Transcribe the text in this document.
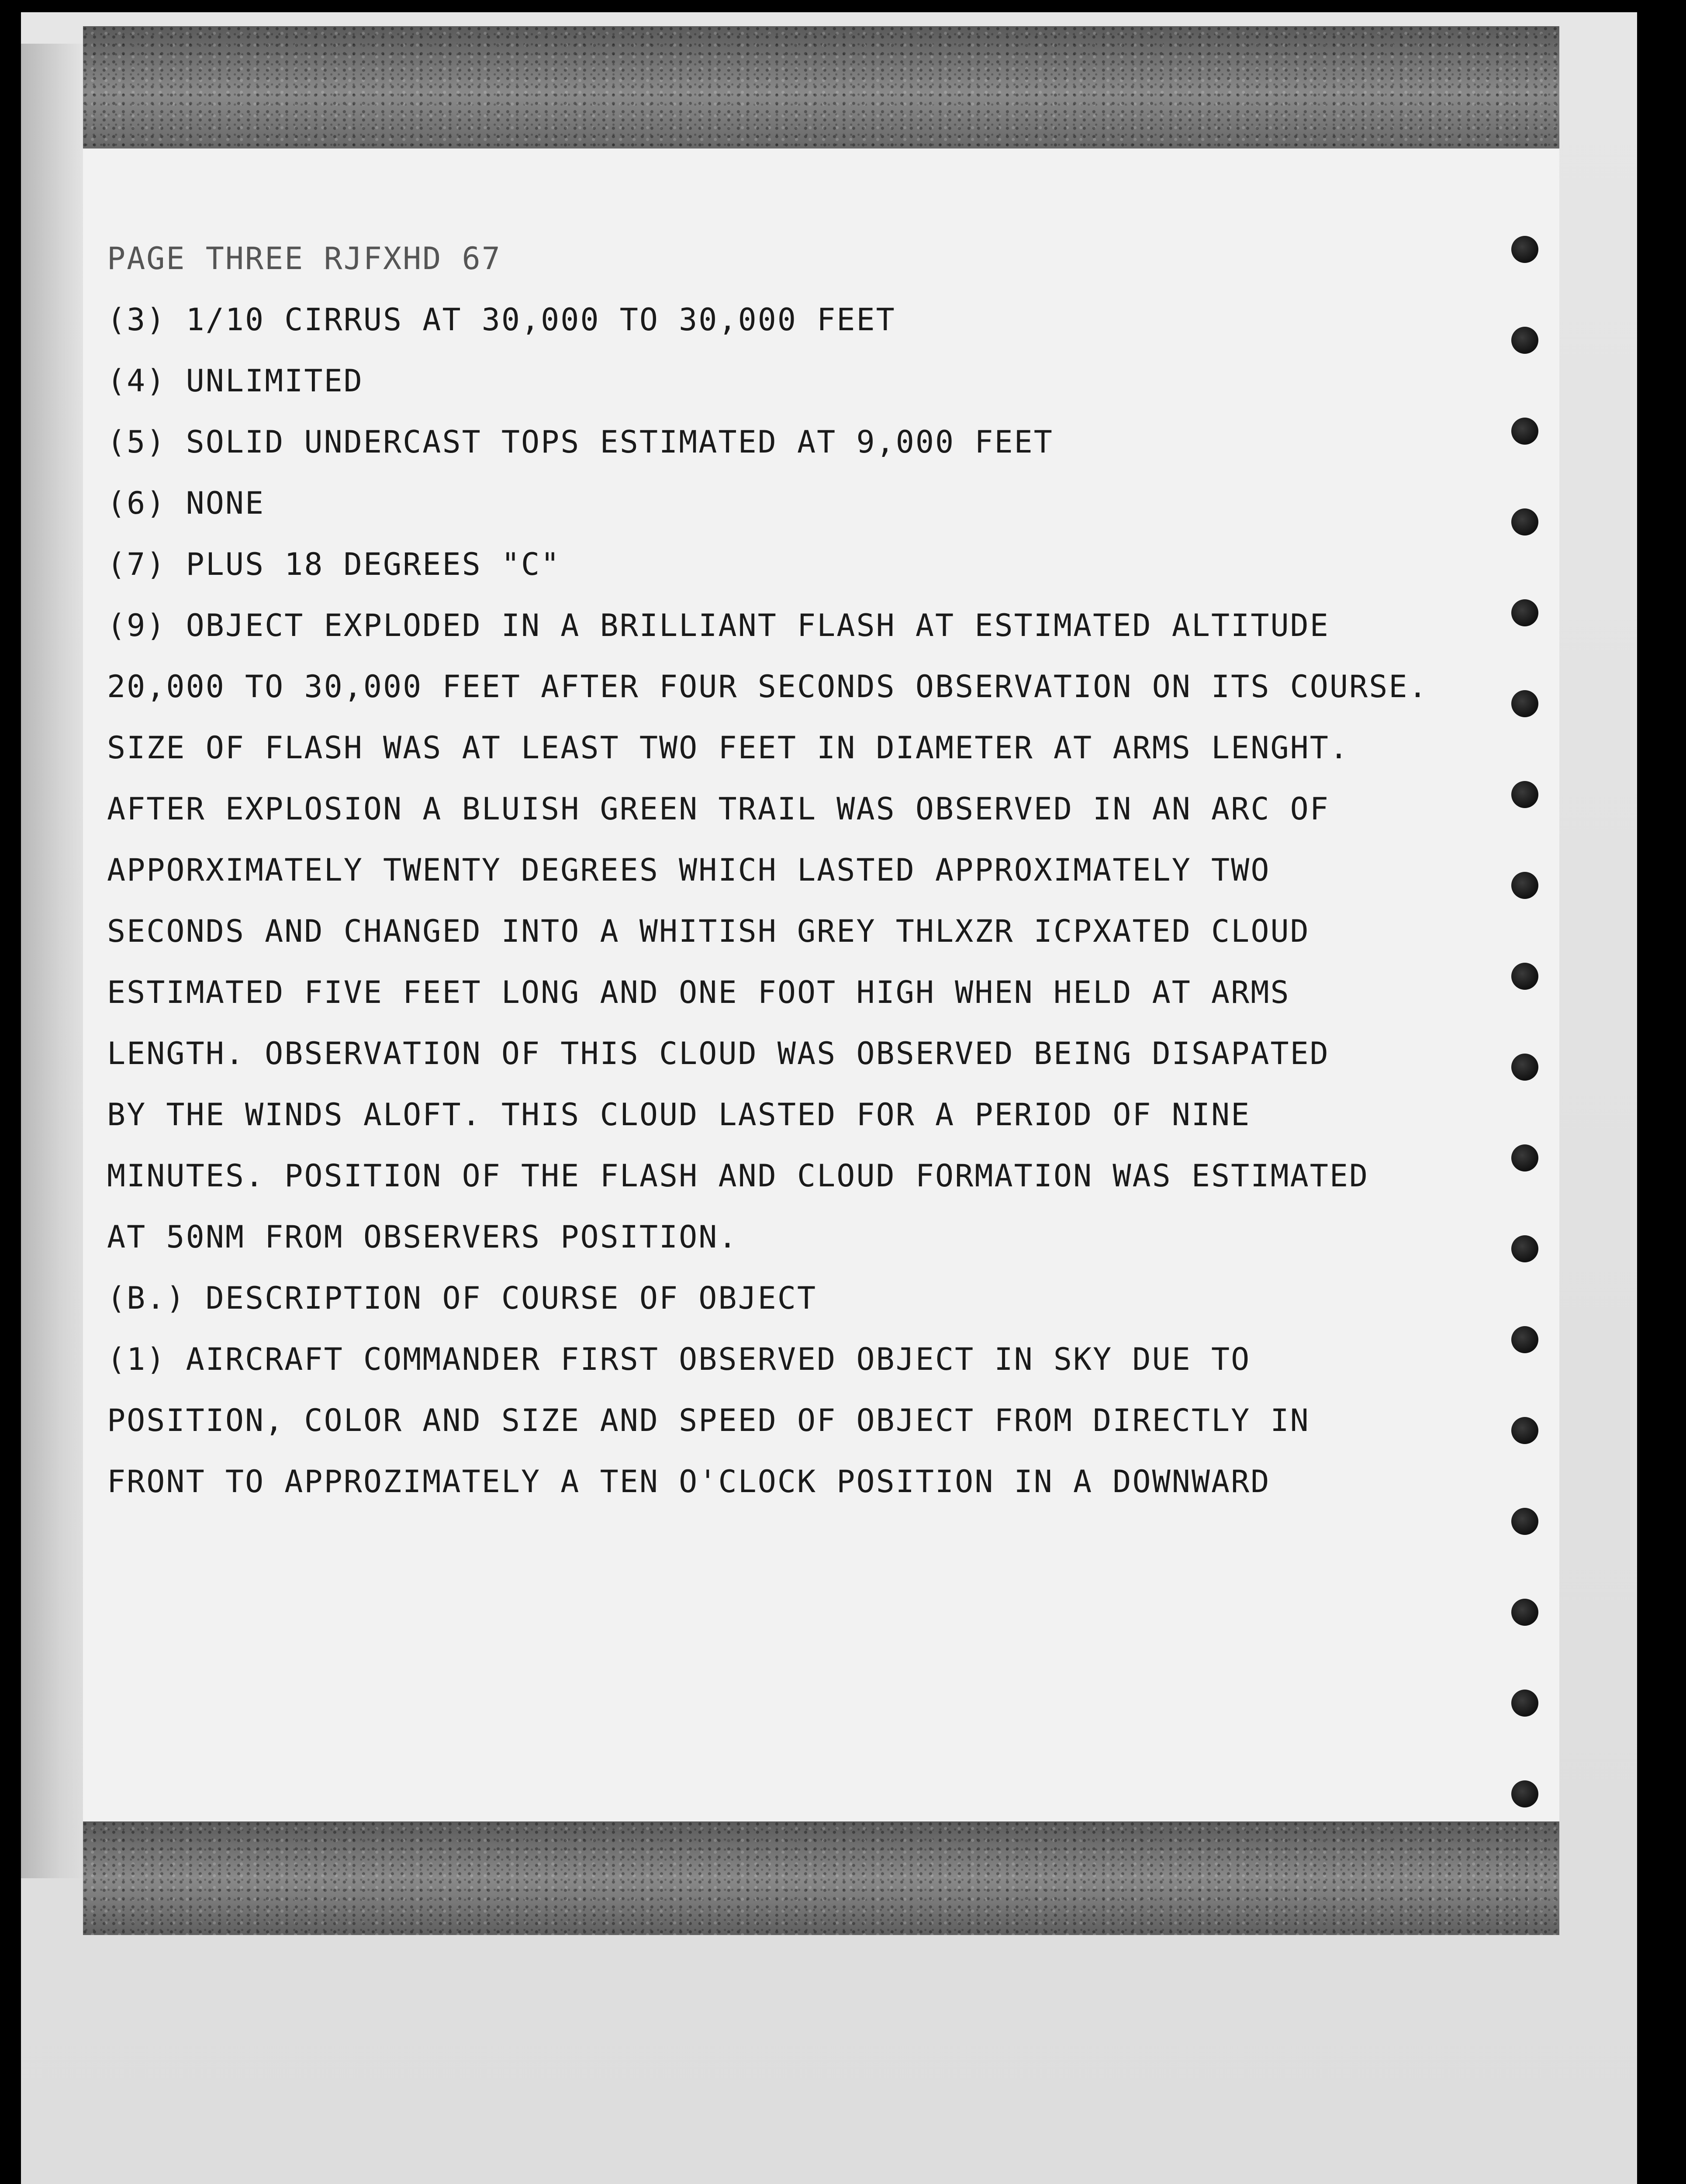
PAGE THREE RJFXHD 67
(3) 1/10 CIRRUS AT 30,000 TO 30,000 FEET
(4) UNLIMITED
(5) SOLID UNDERCAST TOPS ESTIMATED AT 9,000 FEET
(6) NONE
(7) PLUS 18 DEGREES "C"
(9) OBJECT EXPLODED IN A BRILLIANT FLASH AT ESTIMATED ALTITUDE
20,000 TO 30,000 FEET AFTER FOUR SECONDS OBSERVATION ON ITS COURSE.
SIZE OF FLASH WAS AT LEAST TWO FEET IN DIAMETER AT ARMS LENGHT.
AFTER EXPLOSION A BLUISH GREEN TRAIL WAS OBSERVED IN AN ARC OF
APPORXIMATELY TWENTY DEGREES WHICH LASTED APPROXIMATELY TWO
SECONDS AND CHANGED INTO A WHITISH GREY THLXZR ICPXATED CLOUD
ESTIMATED FIVE FEET LONG AND ONE FOOT HIGH WHEN HELD AT ARMS
LENGTH. OBSERVATION OF THIS CLOUD WAS OBSERVED BEING DISAPATED
BY THE WINDS ALOFT. THIS CLOUD LASTED FOR A PERIOD OF NINE
MINUTES. POSITION OF THE FLASH AND CLOUD FORMATION WAS ESTIMATED
AT 50NM FROM OBSERVERS POSITION.
(B.) DESCRIPTION OF COURSE OF OBJECT
(1) AIRCRAFT COMMANDER FIRST OBSERVED OBJECT IN SKY DUE TO
POSITION, COLOR AND SIZE AND SPEED OF OBJECT FROM DIRECTLY IN
FRONT TO APPROZIMATELY A TEN O'CLOCK POSITION IN A DOWNWARD
